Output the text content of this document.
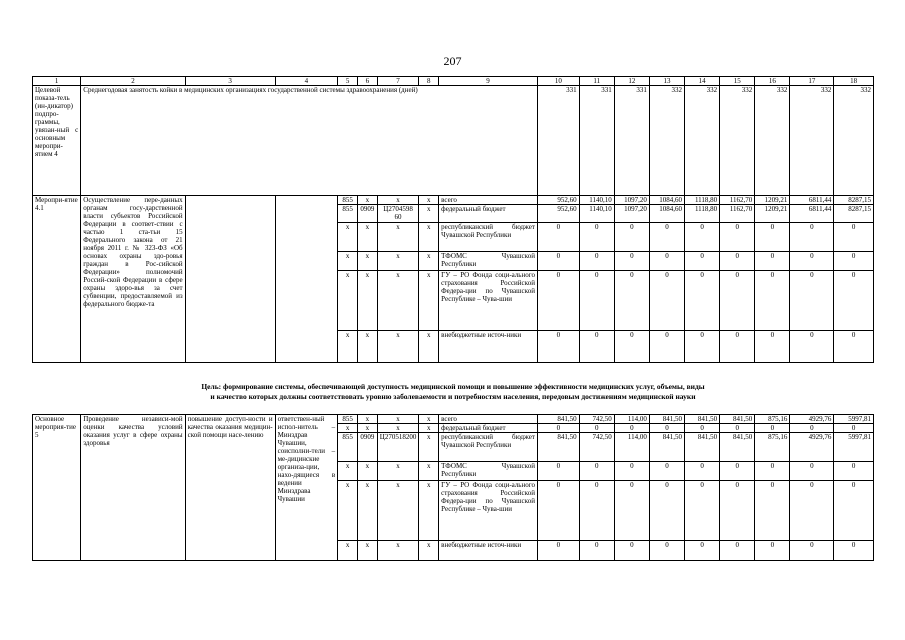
207
1	2	3	4	5	6	7	8	9	10	11	12	13	14	15	16	17	18
Целевой показа-тель (ин-дикатор) подпро-граммы, увязан-ный с основным меропри-ятием 4	Среднегодовая занятость койки в медицинских организациях государственной системы здравоохранения (дней)								331	331	331	332	332	332	332	332	332
Меропри-ятие 4.1	Осуществление пере-данных органам госу-дарственной власти субъектов Российской Федерации в соответ-ствии с частью 1 ста-тьи 15 Федерального закона от 21 ноября 2011 г. № 323-ФЗ «Об основах охраны здо-ровья граждан в Рос-сийской Федерации» полномочий Россий-ской Федерации в сфере охраны здоро-вья за счет субвенции, предоставляемой из федерального бюдже-та			855	х	х	х	всего	952,60	1140,10	1097,20	1084,60	1118,80	1162,70	1209,21	6811,44	8287,15
				855	0909	Ц2704598 60	х	федеральный бюджет	952,60	1140,10	1097,20	1084,60	1118,80	1162,70	1209,21	6811,44	8287,15
				х	х	х	х	республиканский бюджет Чувашской Республики	0	0	0	0	0	0	0	0	0
				х	х	х	х	ТФОМС Чувашской Республики	0	0	0	0	0	0	0	0	0
				х	х	х	х	ГУ – РО Фонда соци-ального страхования Российской Федера-ции по Чувашской Республике – Чува-шии	0	0	0	0	0	0	0	0	0
				х	х	х	х	внебюджетные источ-ники	0	0	0	0	0	0	0	0	0
Цель: формирование системы, обеспечивающей доступность медицинской помощи и повышение эффективности медицинских услуг, объемы, виды
и качество которых должны соответствовать уровню заболеваемости и потребностям населения, передовым достижениям медицинской науки
Основное мероприя-тие 5	Проведение независи-мой оценки качества условий оказания услуг в сфере охраны здоровья	повышение доступ-ности и качества оказания медицин-ской помощи насе-лению	ответствен-ный испол-нитель – Минздрав Чувашии, соисполни-тели – ме-дицинские организа-ции, нахо-дящиеся в ведении Минздрава Чувашии	855	х	х	х	всего	841,50	742,50	114,00	841,50	841,50	841,50	875,16	4929,76	5997,81
				х	х	х	х	федеральный бюджет	0	0	0	0	0	0	0	0	0
				855	0909	Ц270518200	х	республиканский бюджет Чувашской Республики	841,50	742,50	114,00	841,50	841,50	841,50	875,16	4929,76	5997,81
				х	х	х	х	ТФОМС Чувашской Республики	0	0	0	0	0	0	0	0	0
				х	х	х	х	ГУ – РО Фонда соци-ального страхования Российской Федера-ции по Чувашской Республике – Чува-шии	0	0	0	0	0	0	0	0	0
				х	х	х	х	внебюджетные источ-ники	0	0	0	0	0	0	0	0	0
